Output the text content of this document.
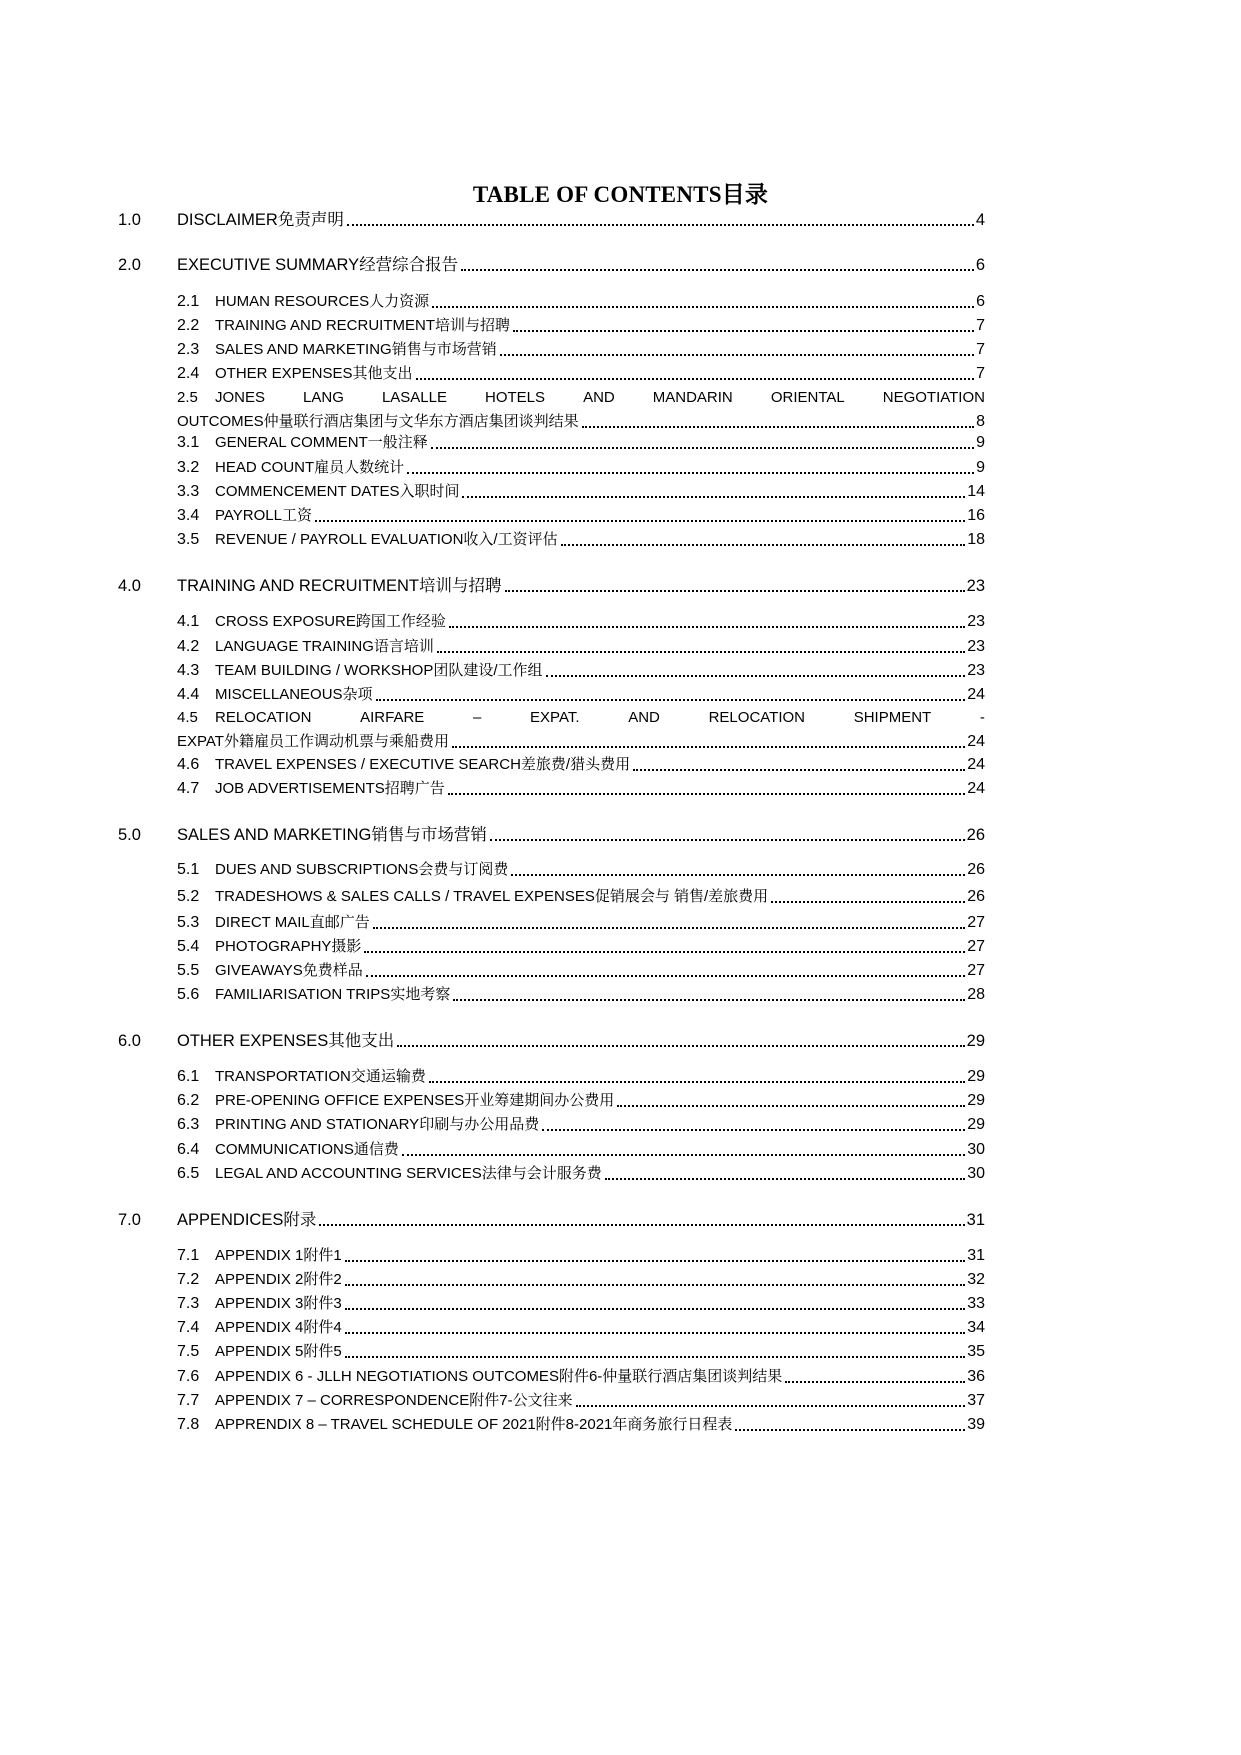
TABLE OF CONTENTS目录
1.0	DISCLAIMER免责声明	4
2.0	EXECUTIVE SUMMARY经营综合报告	6
2.1	HUMAN RESOURCES人力资源	6
2.2	TRAINING AND RECRUITMENT培训与招聘	7
2.3	SALES AND MARKETING销售与市场营销	7
2.4	OTHER EXPENSES其他支出	7
2.5	JONES	LANG	LASALLE	HOTELS	AND	MANDARIN	ORIENTAL	NEGOTIATION
OUTCOMES仲量联行酒店集团与文华东方酒店集团谈判结果	8
3.1	GENERAL COMMENT一般注释	9
3.2	HEAD COUNT雇员人数统计	9
3.3	COMMENCEMENT DATES入职时间	14
3.4	PAYROLL工资	16
3.5	REVENUE / PAYROLL EVALUATION收入/工资评估	18
4.0	TRAINING AND RECRUITMENT培训与招聘	23
4.1	CROSS EXPOSURE跨国工作经验	23
4.2	LANGUAGE TRAINING语言培训	23
4.3	TEAM BUILDING / WORKSHOP团队建设/工作组	23
4.4	MISCELLANEOUS杂项	24
4.5	RELOCATION	AIRFARE	–	EXPAT.	AND	RELOCATION	SHIPMENT	-
EXPAT外籍雇员工作调动机票与乘船费用	24
4.6	TRAVEL EXPENSES / EXECUTIVE SEARCH差旅费/猎头费用	24
4.7	JOB ADVERTISEMENTS招聘广告	24
5.0	SALES AND MARKETING销售与市场营销	26
5.1	DUES AND SUBSCRIPTIONS会费与订阅费	26
5.2	TRADESHOWS & SALES CALLS / TRAVEL EXPENSES促销展会与 销售/差旅费用	26
5.3	DIRECT MAIL直邮广告	27
5.4	PHOTOGRAPHY摄影	27
5.5	GIVEAWAYS免费样品	27
5.6	FAMILIARISATION TRIPS实地考察	28
6.0	OTHER EXPENSES其他支出	29
6.1	TRANSPORTATION交通运输费	29
6.2	PRE-OPENING OFFICE EXPENSES开业筹建期间办公费用	29
6.3	PRINTING AND STATIONARY印刷与办公用品费	29
6.4	COMMUNICATIONS通信费	30
6.5	LEGAL AND ACCOUNTING SERVICES法律与会计服务费	30
7.0	APPENDICES附录	31
7.1	APPENDIX 1附件1	31
7.2	APPENDIX 2附件2	32
7.3	APPENDIX 3附件3	33
7.4	APPENDIX 4附件4	34
7.5	APPENDIX 5附件5	35
7.6	APPENDIX 6 - JLLH NEGOTIATIONS OUTCOMES附件6-仲量联行酒店集团谈判结果	36
7.7	APPENDIX 7 – CORRESPONDENCE附件7-公文往来	37
7.8	APPRENDIX 8 – TRAVEL SCHEDULE OF 2021附件8-2021年商务旅行日程表	39
